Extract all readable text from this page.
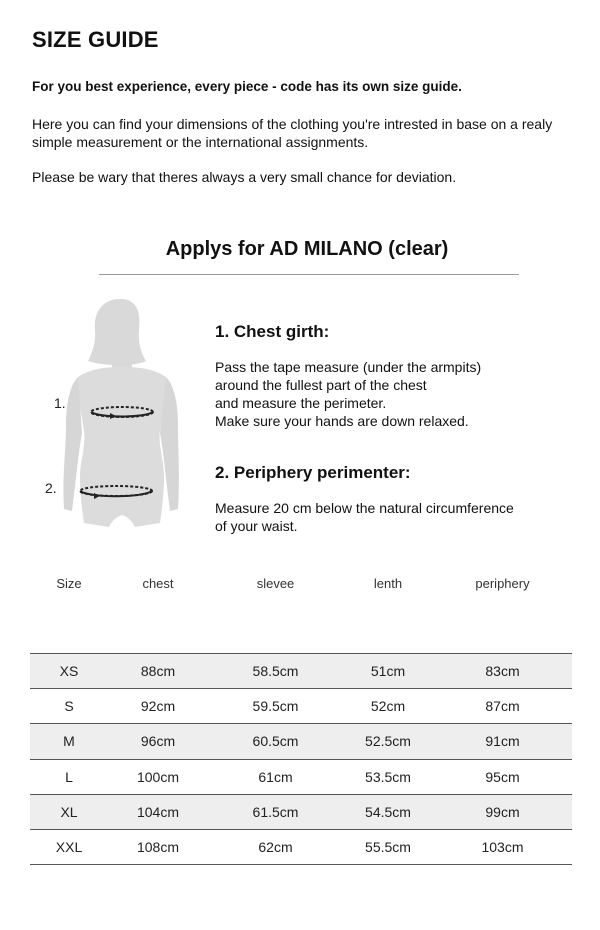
SIZE GUIDE

For you best experience, every piece - code has its own size guide.

Here you can find your dimensions of the clothing you're intrested in base on a realy simple measurement or the international assignments.

Please be wary that theres always a very small chance for deviation.

Applys for AD MILANO (clear)
1.
2.
1. Chest girth:
Pass the tape measure (under the armpits)
around the fullest part of the chest
and measure the perimeter.
Make sure your hands are down relaxed.
2. Periphery perimenter:
Measure 20 cm below the natural circumference
of your waist.
Size	chest	slevee	lenth	periphery
XS	88cm	58.5cm	51cm	83cm
S	92cm	59.5cm	52cm	87cm
M	96cm	60.5cm	52.5cm	91cm
L	100cm	61cm	53.5cm	95cm
XL	104cm	61.5cm	54.5cm	99cm
XXL	108cm	62cm	55.5cm	103cm
